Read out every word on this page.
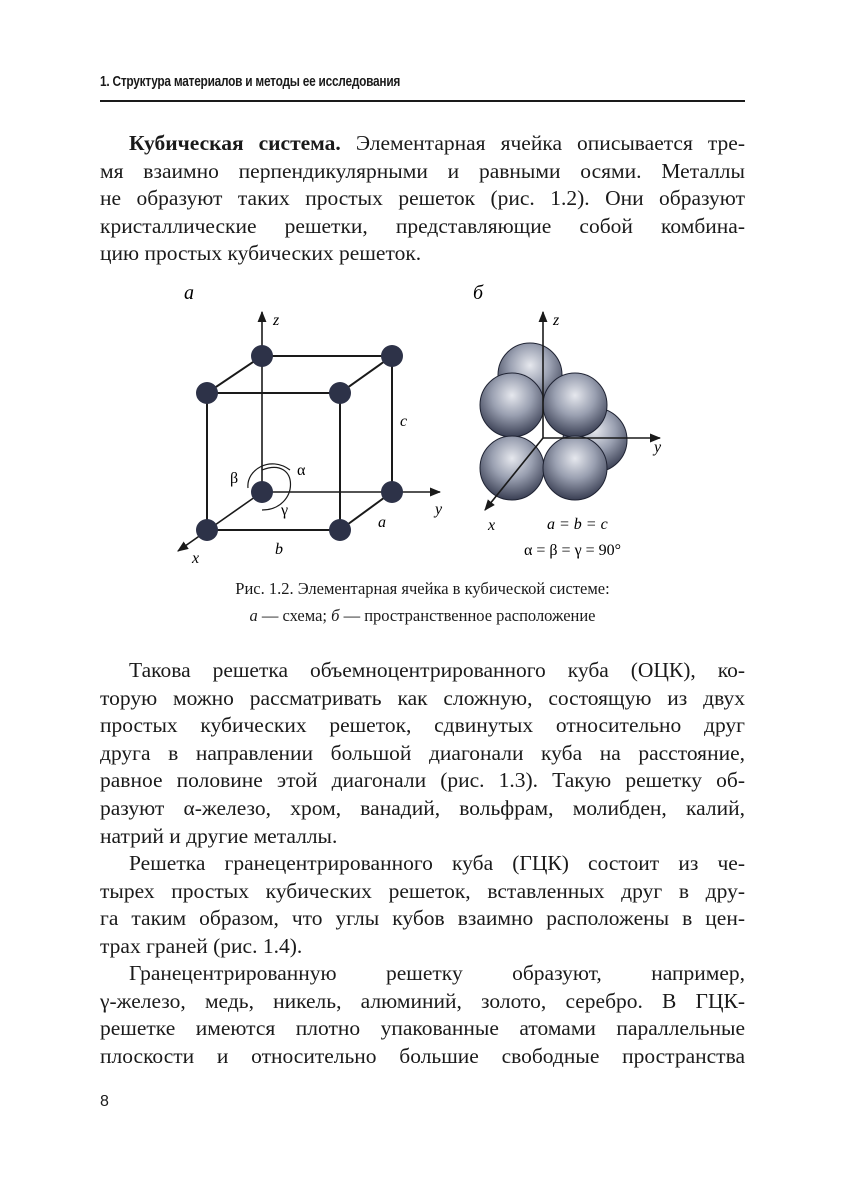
1. Структура материалов и методы ее исследования
Кубическая система. Элементарная ячейка описывается тре-
мя взаимно перпендикулярными и равными осями. Металлы
не образуют таких простых решеток (рис. 1.2). Они образуют
кристаллические решетки, представляющие собой комбина-
цию простых кубических решеток.
а	б
z
y
x
c
a
b
α
β
γ
z
y
x	a = b = c
α = β = γ = 90°
Рис. 1.2. Элементарная ячейка в кубической системе:
а — схема; б — пространственное расположение
Такова решетка объемноцентрированного куба (ОЦК), ко-
торую можно рассматривать как сложную, состоящую из двух
простых кубических решеток, сдвинутых относительно друг
друга в направлении большой диагонали куба на расстояние,
равное половине этой диагонали (рис. 1.3). Такую решетку об-
разуют α-железо, хром, ванадий, вольфрам, молибден, калий,
натрий и другие металлы.
Решетка гранецентрированного куба (ГЦК) состоит из че-
тырех простых кубических решеток, вставленных друг в дру-
га таким образом, что углы кубов взаимно расположены в цен-
трах граней (рис. 1.4).
Гранецентрированную решетку образуют, например,
γ-железо, медь, никель, алюминий, золото, серебро. В ГЦК-
решетке имеются плотно упакованные атомами параллельные
плоскости и относительно большие свободные пространства
8
